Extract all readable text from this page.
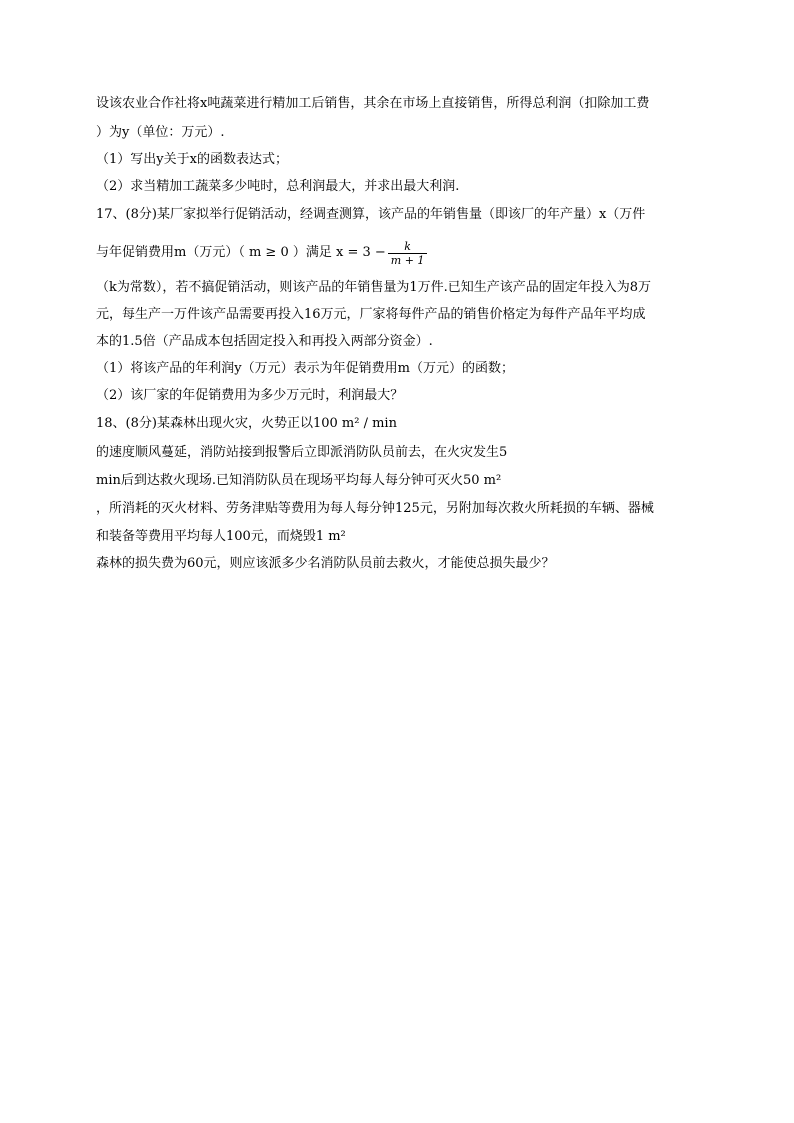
设该农业合作社将x吨蔬菜进行精加工后销售，其余在市场上直接销售，所得总利润（扣除加工费
）为y（单位：万元）.
（1）写出y关于x的函数表达式；
（2）求当精加工蔬菜多少吨时，总利润最大，并求出最大利润.
17、(8分)某厂家拟举行促销活动，经调查测算，该产品的年销售量（即该厂的年产量）x（万件
与年促销费用m（万元）（ m ≥ 0 ）满足 $x = 3 - \frac{k}{m + 1}$
（k为常数），若不搞促销活动，则该产品的年销售量为1万件.已知生产该产品的固定年投入为8万
元，每生产一万件该产品需要再投入16万元，厂家将每件产品的销售价格定为每件产品年平均成
本的1.5倍（产品成本包括固定投入和再投入两部分资金）.
（1）将该产品的年利润y（万元）表示为年促销费用m（万元）的函数；
（2）该厂家的年促销费用为多少万元时，利润最大？
18、(8分)某森林出现火灾，火势正以100 m² / min
的速度顺风蔓延，消防站接到报警后立即派消防队员前去，在火灾发生5
min后到达救火现场.已知消防队员在现场平均每人每分钟可灭火50 m²
，所消耗的灭火材料、劳务津贴等费用为每人每分钟125元，另附加每次救火所耗损的车辆、器械
和装备等费用平均每人100元，而烧毁1 m²
森林的损失费为60元，则应该派多少名消防队员前去救火，才能使总损失最少？
